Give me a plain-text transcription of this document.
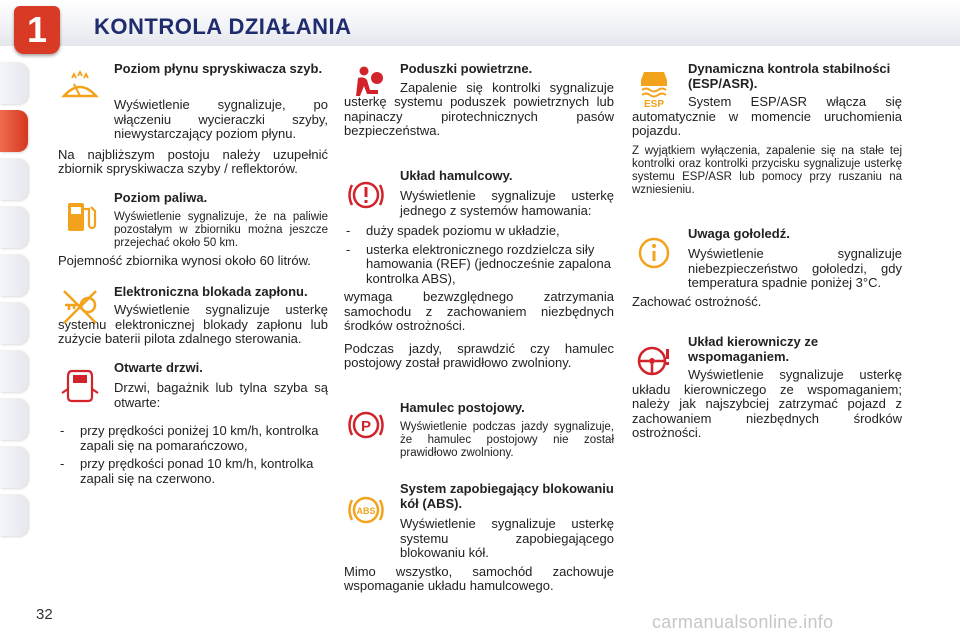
1	KONTROLA DZIAŁANIA
Poziom płynu spryskiwacza szyb.
Wyświetlenie sygnalizuje, po włączeniu wycieraczki szyby, niewystarczający poziom płynu.
Na najbliższym postoju należy uzupełnić zbiornik spryskiwacza szyby / reflektorów.
Poziom paliwa.
Wyświetlenie sygnalizuje, że na paliwie pozostałym w zbiorniku można jeszcze przejechać około 50 km.
Pojemność zbiornika wynosi około 60 litrów.
Elektroniczna blokada zapłonu.
Wyświetlenie sygnalizuje usterkę systemu elektronicznej blokady zapłonu lub zużycie baterii pilota zdalnego sterowania.
Otwarte drzwi.
Drzwi, bagażnik lub tylna szyba są otwarte:
- przy prędkości poniżej 10 km/h, kontrolka zapali się na pomarańczowo,
- przy prędkości ponad 10 km/h, kontrolka zapali się na czerwono.
Poduszki powietrzne.
Zapalenie się kontrolki sygnalizuje usterkę systemu poduszek powietrznych lub napinaczy pirotechnicznych pasów bezpieczeństwa.
Układ hamulcowy.
Wyświetlenie sygnalizuje usterkę jednego z systemów hamowania:
- duży spadek poziomu w układzie,
- usterka elektronicznego rozdzielcza siły hamowania (REF) (jednocześnie zapalona kontrolka ABS),
wymaga bezwzględnego zatrzymania samochodu z zachowaniem niezbędnych środków ostrożności.
Podczas jazdy, sprawdzić czy hamulec postojowy został prawidłowo zwolniony.
P
Hamulec postojowy.
Wyświetlenie podczas jazdy sygnalizuje, że hamulec postojowy nie został prawidłowo zwolniony.
ABS
System zapobiegający blokowaniu kół (ABS).
Wyświetlenie sygnalizuje usterkę systemu zapobiegającego blokowaniu kół.
Mimo wszystko, samochód zachowuje wspomaganie układu hamulcowego.
ESP
Dynamiczna kontrola stabilności (ESP/ASR).
System ESP/ASR włącza się automatycznie w momencie uruchomienia pojazdu.
Z wyjątkiem wyłączenia, zapalenie się na stałe tej kontrolki oraz kontrolki przycisku sygnalizuje usterkę systemu ESP/ASR lub pomocy przy ruszaniu na wzniesieniu.
Uwaga gołoledź.
Wyświetlenie sygnalizuje niebezpieczeństwo gołoledzi, gdy temperatura spadnie poniżej 3°C.
Zachować ostrożność.
Układ kierowniczy ze wspomaganiem.
Wyświetlenie sygnalizuje usterkę układu kierowniczego ze wspomaganiem; należy jak najszybciej zatrzymać pojazd z zachowaniem niezbędnych środków ostrożności.
32	carmanualsonline.info
